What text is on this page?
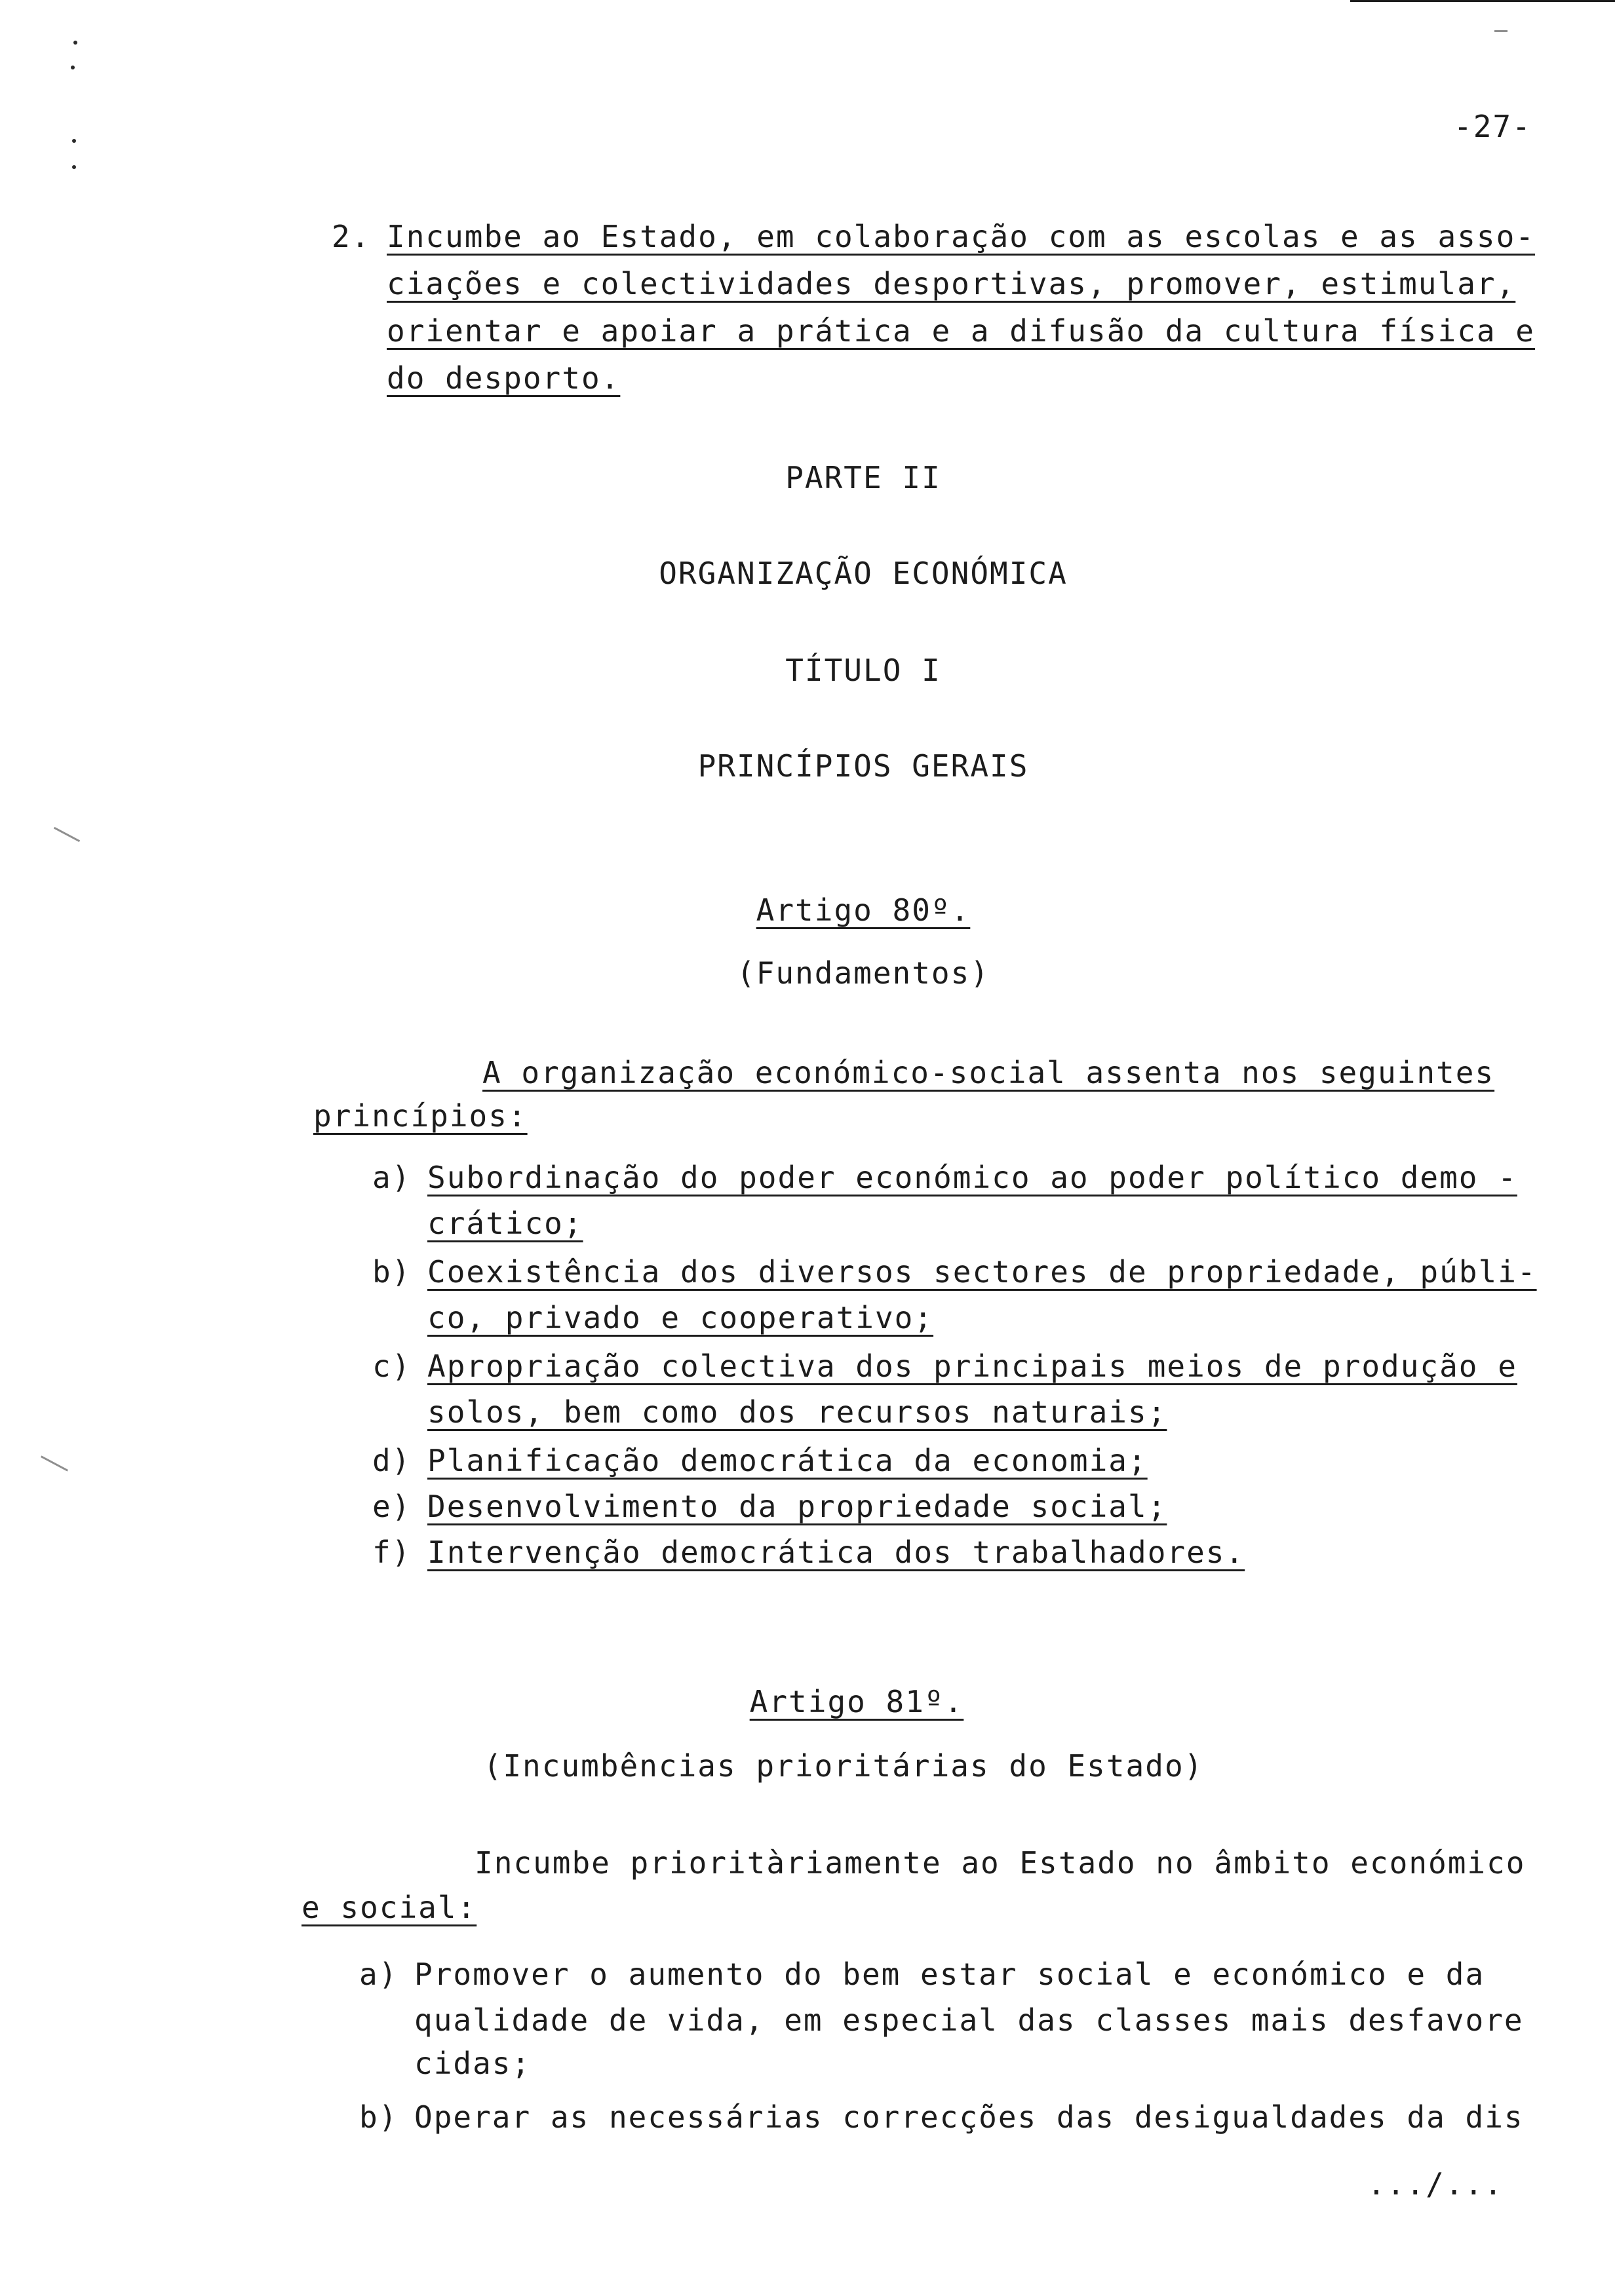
-27-
2. Incumbe ao Estado, em colaboração com as escolas e as asso-
ciações e colectividades desportivas, promover, estimular,
orientar e apoiar a prática e a difusão da cultura física e
do desporto.
PARTE II
ORGANIZAÇÃO ECONÓMICA
TÍTULO I
PRINCÍPIOS GERAIS
Artigo 80º.
(Fundamentos)
A organização económico-social assenta nos seguintes
princípios:
a) Subordinação do poder económico ao poder político demo -
crático;
b) Coexistência dos diversos sectores de propriedade, públi-
co, privado e cooperativo;
c) Apropriação colectiva dos principais meios de produção e
solos, bem como dos recursos naturais;
d) Planificação democrática da economia;
e) Desenvolvimento da propriedade social;
f) Intervenção democrática dos trabalhadores.
Artigo 81º.
(Incumbências prioritárias do Estado)
Incumbe prioritàriamente ao Estado no âmbito económico
e social:
a) Promover o aumento do bem estar social e económico e da
qualidade de vida, em especial das classes mais desfavore
cidas;
b) Operar as necessárias correcções das desigualdades da dis
.../...
